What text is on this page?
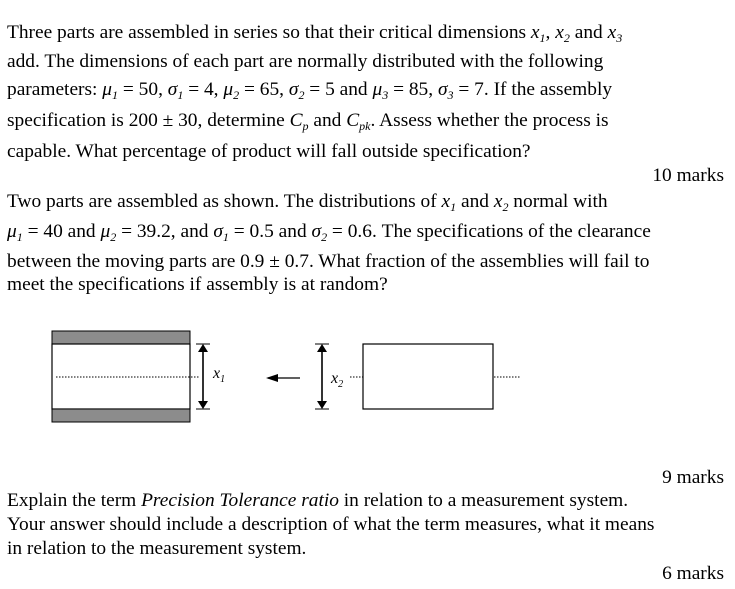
Three parts are assembled in series so that their critical dimensions $x_1$, $x_2$ and $x_3$
add. The dimensions of each part are normally distributed with the following
parameters: $\mu_1 = 50$, $\sigma_1 = 4$, $\mu_2 = 65$, $\sigma_2 = 5$ and $\mu_3 = 85$, $\sigma_3 = 7$. If the assembly
specification is 200 ± 30, determine $C_p$ and $C_{pk}$. Assess whether the process is
capable. What percentage of product will fall outside specification?
10 marks
Two parts are assembled as shown. The distributions of $x_1$ and $x_2$ normal with
$\mu_1 = 40$ and $\mu_2 = 39.2$, and $\sigma_1 = 0.5$ and $\sigma_2 = 0.6$. The specifications of the clearance
between the moving parts are 0.9 ± 0.7. What fraction of the assemblies will fail to
meet the specifications if assembly is at random?
$x_1$	$x_2$
9 marks
Explain the term Precision Tolerance ratio in relation to a measurement system.
Your answer should include a description of what the term measures, what it means
in relation to the measurement system.
6 marks
